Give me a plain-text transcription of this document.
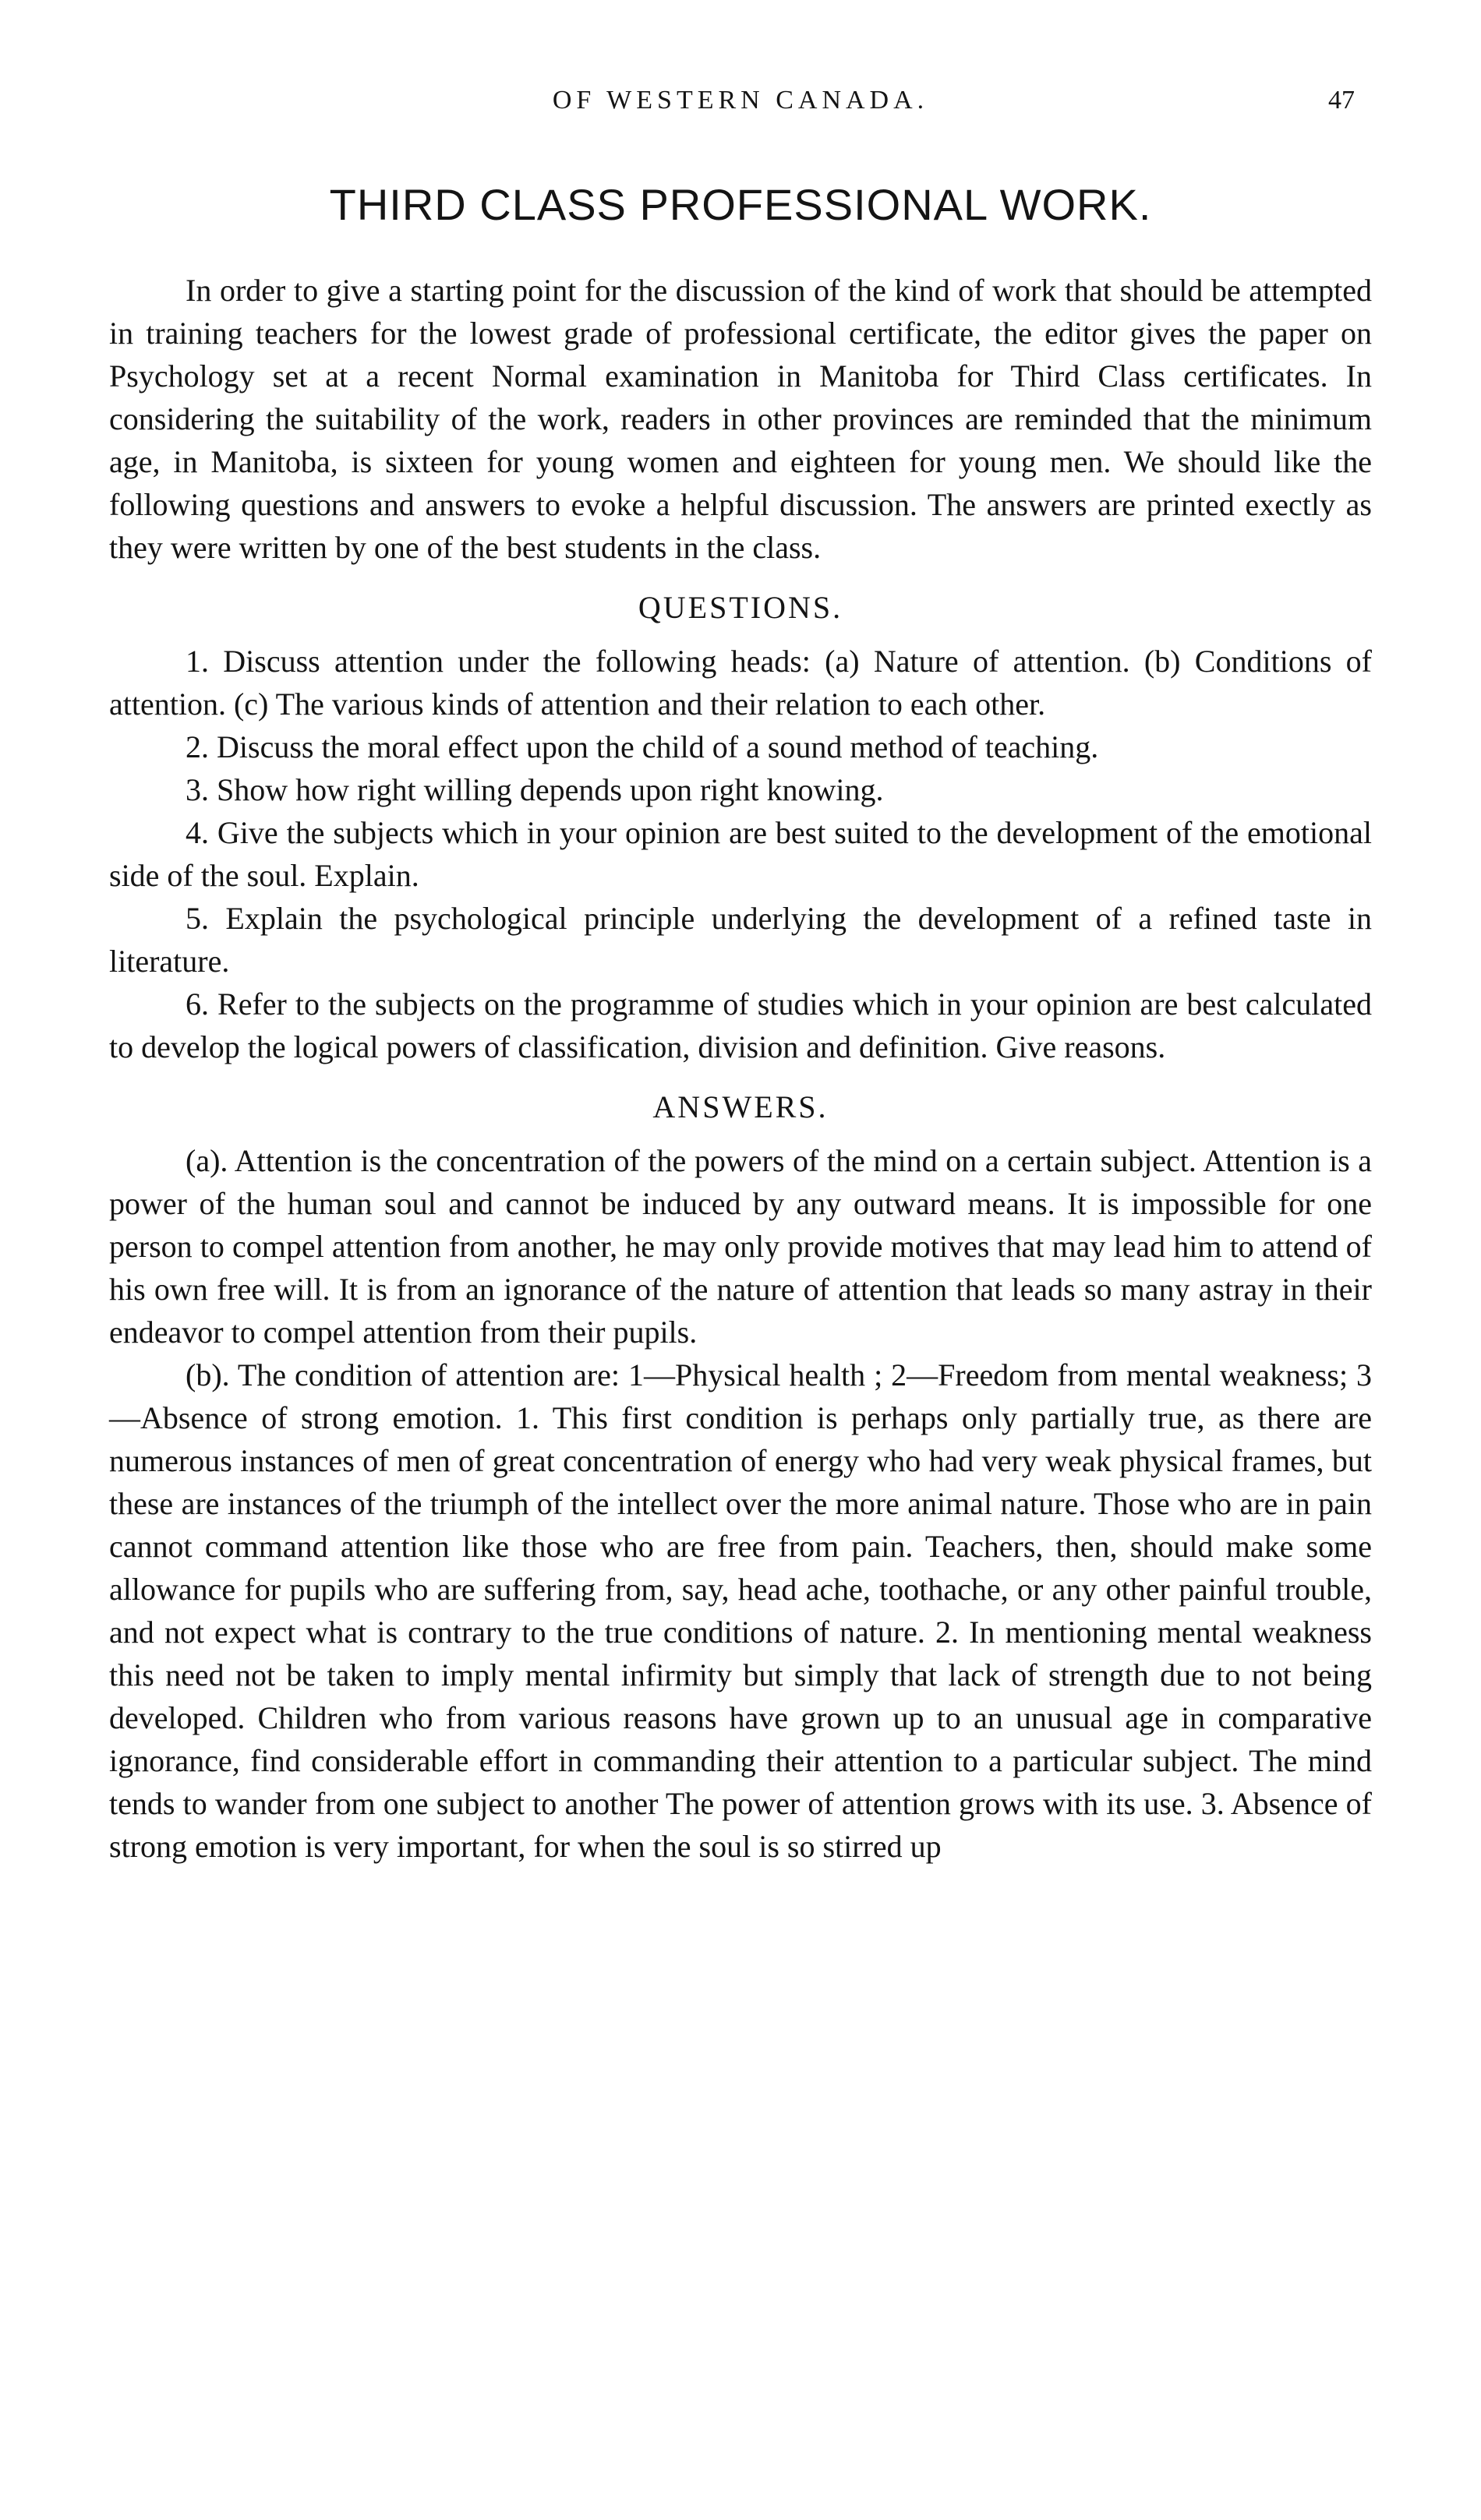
OF WESTERN CANADA.	47
THIRD CLASS PROFESSIONAL WORK.

In order to give a starting point for the discussion of the kind of work that should be attempted in training teachers for the lowest grade of professional certificate, the editor gives the paper on Psychology set at a recent Normal examination in Manitoba for Third Class certificates. In considering the suitability of the work, readers in other provinces are reminded that the minimum age, in Manitoba, is sixteen for young women and eighteen for young men. We should like the following questions and answers to evoke a helpful discussion. The answers are printed exectly as they were written by one of the best students in the class.

QUESTIONS.

1. Discuss attention under the following heads: (a) Nature of attention. (b) Conditions of attention. (c) The various kinds of attention and their relation to each other.

2. Discuss the moral effect upon the child of a sound method of teaching.

3. Show how right willing depends upon right knowing.

4. Give the subjects which in your opinion are best suited to the development of the emotional side of the soul. Explain.

5. Explain the psychological principle underlying the development of a refined taste in literature.

6. Refer to the subjects on the programme of studies which in your opinion are best calculated to develop the logical powers of classification, division and definition. Give reasons.

ANSWERS.

(a). Attention is the concentration of the powers of the mind on a certain subject. Attention is a power of the human soul and cannot be induced by any outward means. It is impossible for one person to compel attention from another, he may only provide motives that may lead him to attend of his own free will. It is from an ignorance of the nature of attention that leads so many astray in their endeavor to compel attention from their pupils.

(b). The condition of attention are: 1—Physical health ; 2—Freedom from mental weakness; 3—Absence of strong emotion. 1. This first condition is perhaps only partially true, as there are numerous instances of men of great concentration of energy who had very weak physical frames, but these are instances of the triumph of the intellect over the more animal nature. Those who are in pain cannot command attention like those who are free from pain. Teachers, then, should make some allowance for pupils who are suffering from, say, head ache, toothache, or any other painful trouble, and not expect what is contrary to the true conditions of nature. 2. In mentioning mental weakness this need not be taken to imply mental infirmity but simply that lack of strength due to not being developed. Children who from various reasons have grown up to an unusual age in comparative ignorance, find considerable effort in commanding their attention to a particular subject. The mind tends to wander from one subject to another The power of attention grows with its use. 3. Absence of strong emotion is very important, for when the soul is so stirred up
